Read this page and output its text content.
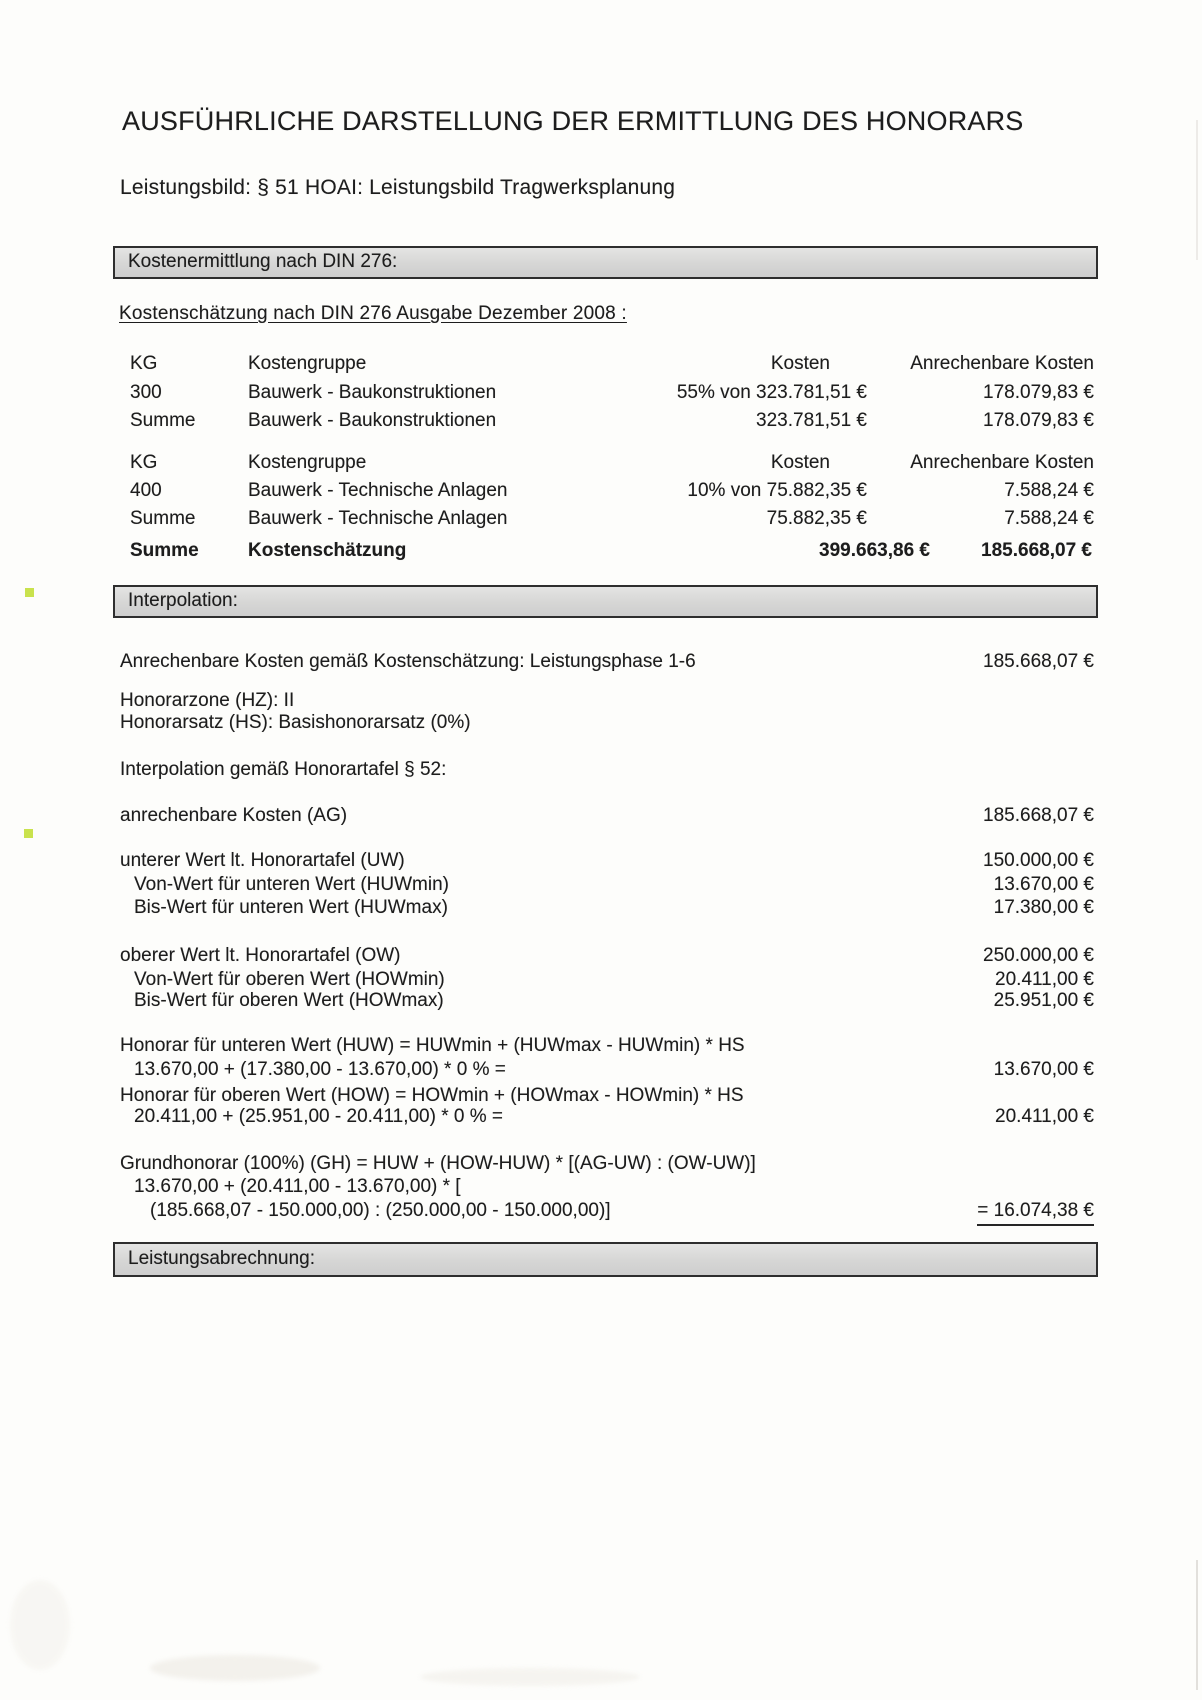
AUSFÜHRLICHE DARSTELLUNG DER ERMITTLUNG DES HONORARS
Leistungsbild: § 51 HOAI: Leistungsbild Tragwerksplanung
Kostenermittlung nach DIN 276:
Kostenschätzung nach DIN 276 Ausgabe Dezember 2008 :
KG	Kostengruppe	Kosten	Anrechenbare Kosten
300	Bauwerk - Baukonstruktionen	55% von 323.781,51 €	178.079,83 €
Summe	Bauwerk - Baukonstruktionen	323.781,51 €	178.079,83 €
KG	Kostengruppe	Kosten	Anrechenbare Kosten
400	Bauwerk - Technische Anlagen	10% von 75.882,35 €	7.588,24 €
Summe	Bauwerk - Technische Anlagen	75.882,35 €	7.588,24 €
Summe	Kostenschätzung	399.663,86 €	185.668,07 €
Interpolation:
Anrechenbare Kosten gemäß Kostenschätzung: Leistungsphase 1-6	185.668,07 €
Honorarzone (HZ): II
Honorarsatz (HS): Basishonorarsatz (0%)
Interpolation gemäß Honorartafel § 52:
anrechenbare Kosten (AG)	185.668,07 €
unterer Wert lt. Honorartafel (UW)	150.000,00 €
Von-Wert für unteren Wert (HUWmin)	13.670,00 €
Bis-Wert für unteren Wert (HUWmax)	17.380,00 €
oberer Wert lt. Honorartafel (OW)	250.000,00 €
Von-Wert für oberen Wert (HOWmin)	20.411,00 €
Bis-Wert für oberen Wert (HOWmax)	25.951,00 €
Honorar für unteren Wert (HUW) = HUWmin + (HUWmax - HUWmin) * HS
13.670,00 + (17.380,00 - 13.670,00) * 0 % =	13.670,00 €
Honorar für oberen Wert (HOW) = HOWmin + (HOWmax - HOWmin) * HS
20.411,00 + (25.951,00 - 20.411,00) * 0 % =	20.411,00 €
Grundhonorar (100%) (GH) = HUW + (HOW-HUW) * [(AG-UW) : (OW-UW)]
13.670,00 + (20.411,00 - 13.670,00) * [
(185.668,07 - 150.000,00) : (250.000,00 - 150.000,00)]	= 16.074,38 €
Leistungsabrechnung:
